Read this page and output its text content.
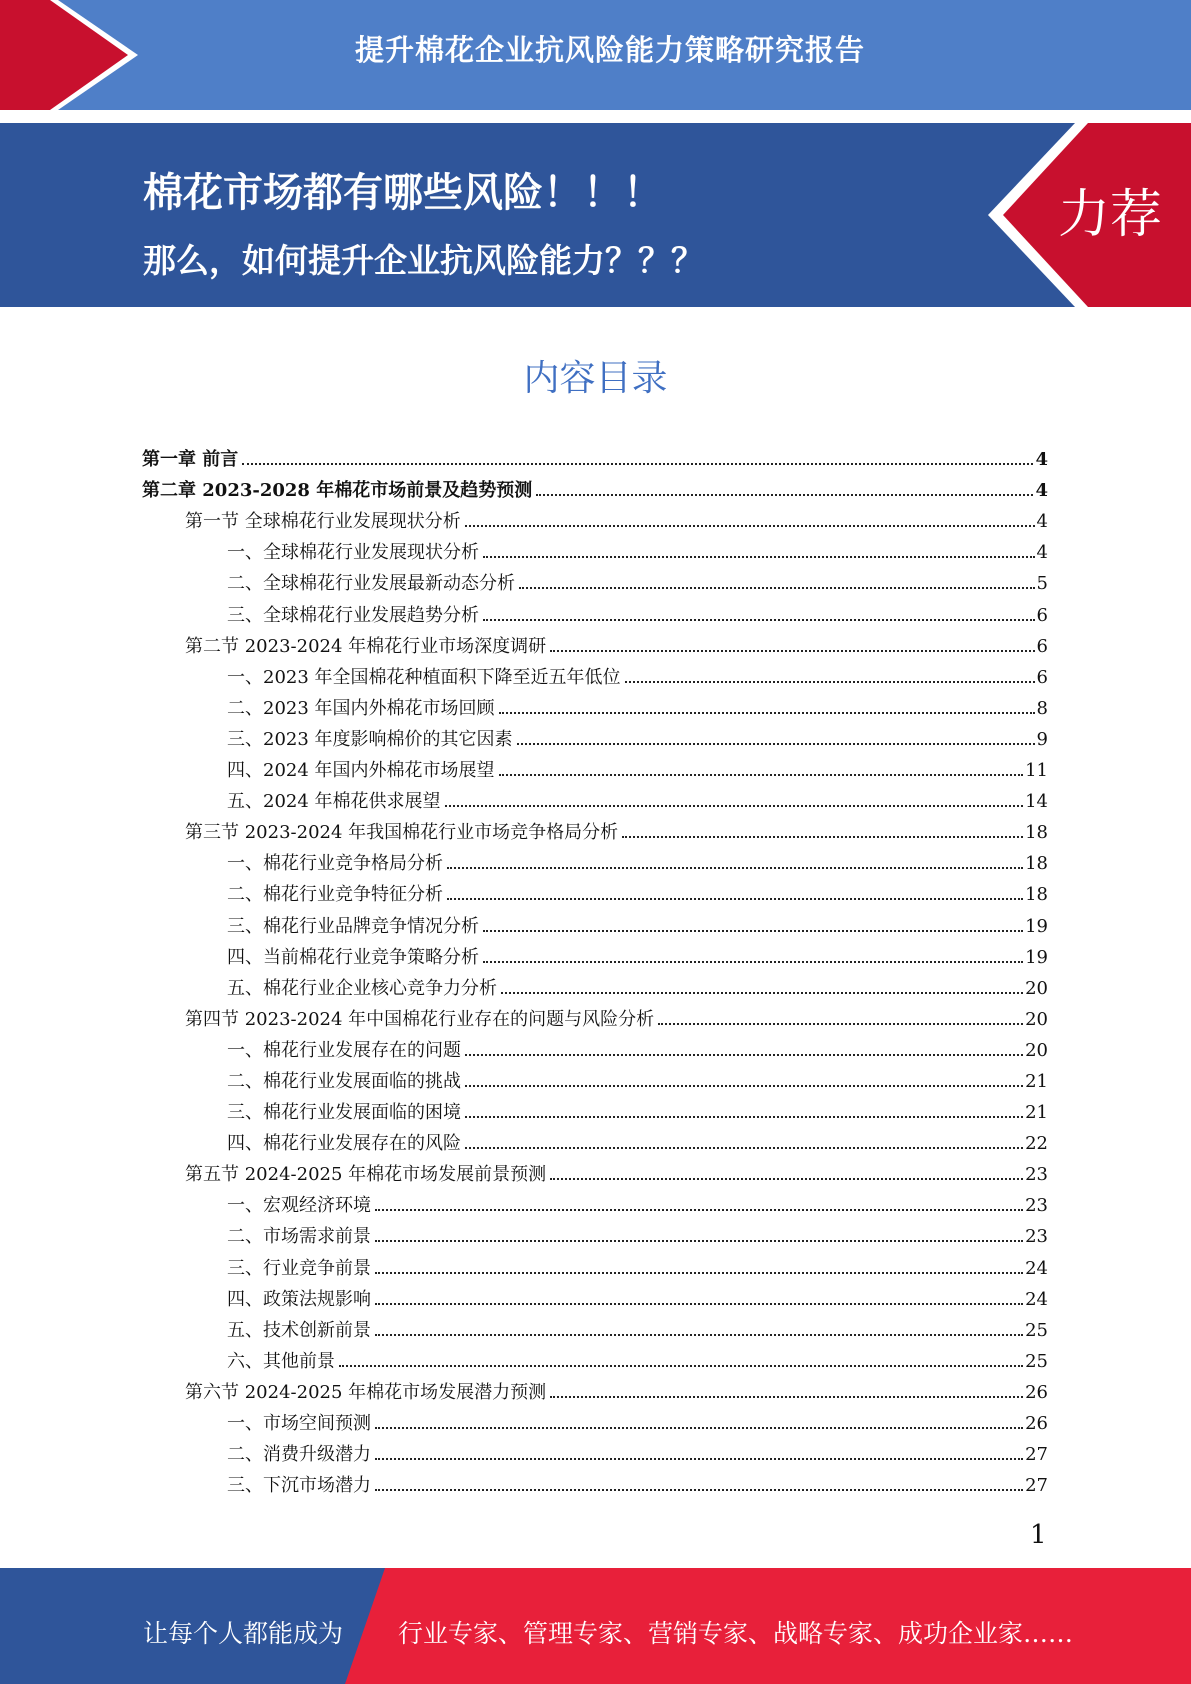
提升棉花企业抗风险能力策略研究报告
棉花市场都有哪些风险！！！
那么，如何提升企业抗风险能力？？？
力荐
内容目录
第一章 前言	4
第二章 2023-2028 年棉花市场前景及趋势预测	4
第一节 全球棉花行业发展现状分析	4
一、全球棉花行业发展现状分析	4
二、全球棉花行业发展最新动态分析	5
三、全球棉花行业发展趋势分析	6
第二节 2023-2024 年棉花行业市场深度调研	6
一、2023 年全国棉花种植面积下降至近五年低位	6
二、2023 年国内外棉花市场回顾	8
三、2023 年度影响棉价的其它因素	9
四、2024 年国内外棉花市场展望	11
五、2024 年棉花供求展望	14
第三节 2023-2024 年我国棉花行业市场竞争格局分析	18
一、棉花行业竞争格局分析	18
二、棉花行业竞争特征分析	18
三、棉花行业品牌竞争情况分析	19
四、当前棉花行业竞争策略分析	19
五、棉花行业企业核心竞争力分析	20
第四节 2023-2024 年中国棉花行业存在的问题与风险分析	20
一、棉花行业发展存在的问题	20
二、棉花行业发展面临的挑战	21
三、棉花行业发展面临的困境	21
四、棉花行业发展存在的风险	22
第五节 2024-2025 年棉花市场发展前景预测	23
一、宏观经济环境	23
二、市场需求前景	23
三、行业竞争前景	24
四、政策法规影响	24
五、技术创新前景	25
六、其他前景	25
第六节 2024-2025 年棉花市场发展潜力预测	26
一、市场空间预测	26
二、消费升级潜力	27
三、下沉市场潜力	27
1
让每个人都能成为 行业专家、管理专家、营销专家、战略专家、成功企业家……
